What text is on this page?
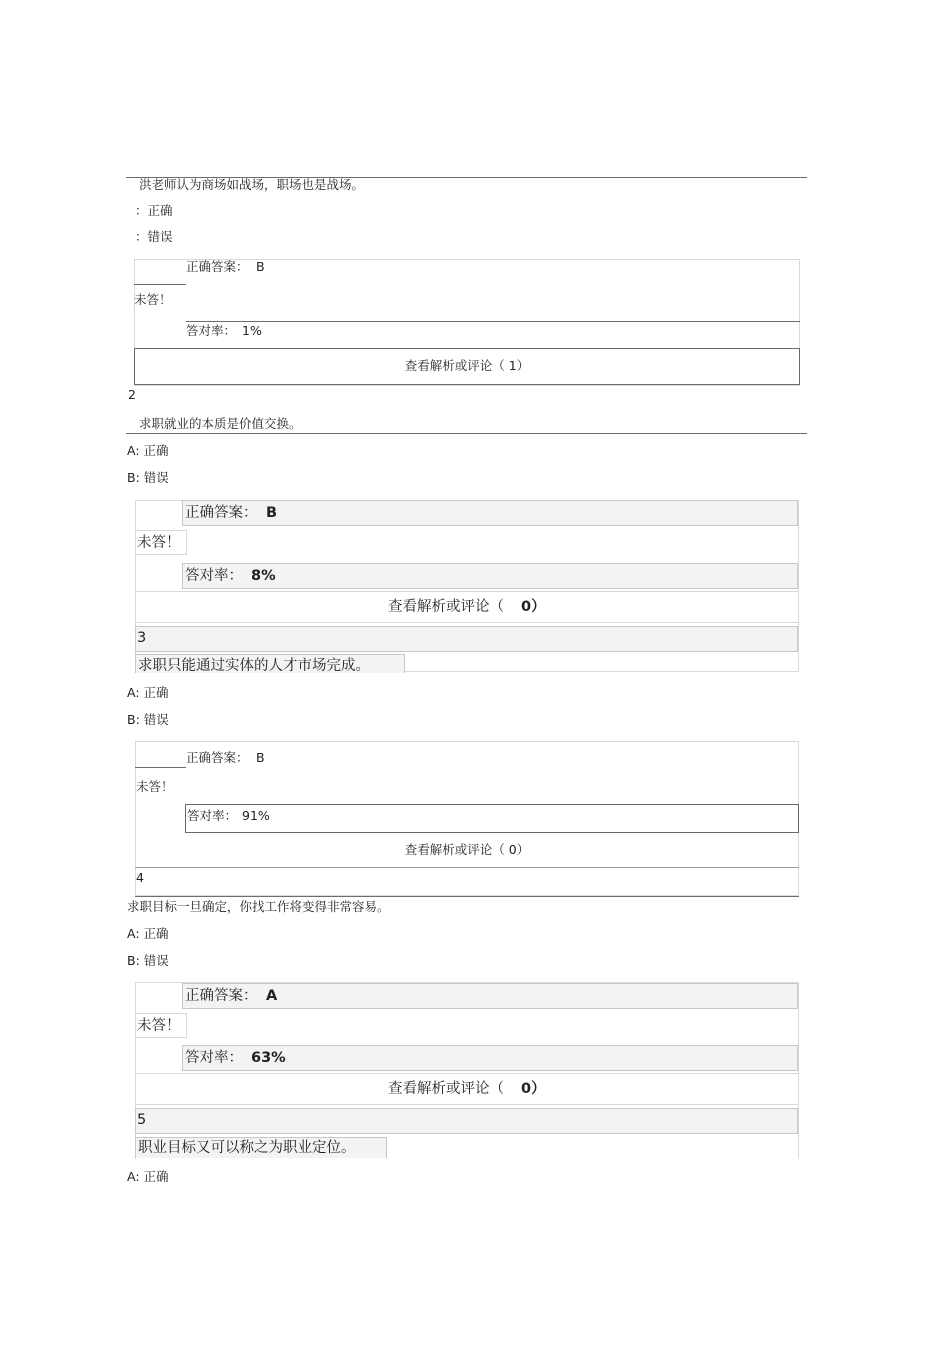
洪老师认为商场如战场，职场也是战场。
：正确
：错误
正确答案： B
未答！
答对率： 1%
查看解析或评论（ 1）
2
求职就业的本质是价值交换。
A: 正确
B: 错误
正确答案： B
未答！
答对率： 8%
查看解析或评论（ 0）
3
求职只能通过实体的人才市场完成。
A: 正确
B: 错误
正确答案： B
未答！
答对率： 91%
查看解析或评论（ 0）
4
求职目标一旦确定，你找工作将变得非常容易。
A: 正确
B: 错误
正确答案： A
未答！
答对率： 63%
查看解析或评论（ 0）
5
职业目标又可以称之为职业定位。
A: 正确
